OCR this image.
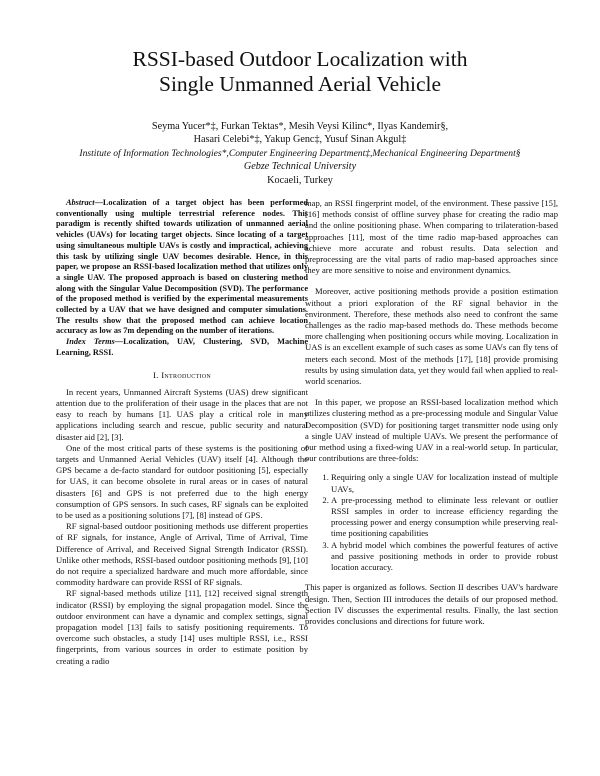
RSSI-based Outdoor Localization with
Single Unmanned Aerial Vehicle
Seyma Yucer*‡, Furkan Tektas*, Mesih Veysi Kilinc*, Ilyas Kandemir§,
Hasari Celebi*‡, Yakup Genc‡, Yusuf Sinan Akgul‡
Institute of Information Technologies*,Computer Engineering Department‡,Mechanical Engineering Department§
Gebze Technical University
Kocaeli, Turkey

Abstract—Localization of a target object has been performed conventionally using multiple terrestrial reference nodes. This paradigm is recently shifted towards utilization of unmanned aerial vehicles (UAVs) for locating target objects. Since locating of a target using simultaneous multiple UAVs is costly and impractical, achieving this task by utilizing single UAV becomes desirable. Hence, in this paper, we propose an RSSI-based localization method that utilizes only a single UAV. The proposed approach is based on clustering method along with the Singular Value Decomposition (SVD). The performance of the proposed method is verified by the experimental measurements collected by a UAV that we have designed and computer simulations. The results show that the proposed method can achieve location accuracy as low as 7m depending on the number of iterations.

Index Terms—Localization, UAV, Clustering, SVD, Machine Learning, RSSI.

I. Introduction

In recent years, Unmanned Aircraft Systems (UAS) drew significant attention due to the proliferation of their usage in the places that are not easy to reach by humans [1]. UAS play a critical role in many applications including search and rescue, public security and natural disaster aid [2], [3].

One of the most critical parts of these systems is the positioning of targets and Unmanned Aerial Vehicles (UAV) itself [4]. Although the GPS became a de-facto standard for outdoor positioning [5], especially for UAS, it can become obsolete in rural areas or in cases of natural disasters [6] and GPS is not preferred due to the high energy consumption of GPS sensors. In such cases, RF signals can be exploited to be used as a positioning solutions [7], [8] instead of GPS.

RF signal-based outdoor positioning methods use different properties of RF signals, for instance, Angle of Arrival, Time of Arrival, Time Difference of Arrival, and Received Signal Strength Indicator (RSSI). Unlike other methods, RSSI-based outdoor positioning methods [9], [10] do not require a specialized hardware and much more affordable, since commodity hardware can provide RSSI of RF signals.

RF signal-based methods utilize [11], [12] received signal strength indicator (RSSI) by employing the signal propagation model. Since the outdoor environment can have a dynamic and complex settings, signal propagation model [13] fails to satisfy positioning requirements. To overcome such obstacles, a study [14] uses multiple RSSI, i.e., RSSI fingerprints, from various sources in order to estimate position by creating a radio

map, an RSSI fingerprint model, of the environment. These passive [15], [16] methods consist of offline survey phase for creating the radio map and the online positioning phase. When comparing to trilateration-based approaches [11], most of the time radio map-based approaches can achieve more accurate and robust results. Data selection and preprocessing are the vital parts of radio map-based approaches since they are more sensitive to noise and environment dynamics.

Moreover, active positioning methods provide a position estimation without a priori exploration of the RF signal behavior in the environment. Therefore, these methods also need to confront the same challenges as the radio map-based methods do. These methods become more challenging when positioning occurs while moving. Localization in UAS is an excellent example of such cases as some UAVs can fly tens of meters each second. Most of the methods [17], [18] provide promising results by using simulation data, yet they would fail when applied to real-world scenarios.

In this paper, we propose an RSSI-based localization method which utilizes clustering method as a pre-processing module and Singular Value Decomposition (SVD) for positioning target transmitter node using only a single UAV instead of multiple UAVs. We present the performance of our method using a fixed-wing UAV in a real-world setup. In particular, our contributions are three-folds:

1. Requiring only a single UAV for localization instead of multiple UAVs,
2. A pre-processing method to eliminate less relevant or outlier RSSI samples in order to increase efficiency regarding the processing power and energy consumption while preserving real-time positioning capabilities
3. A hybrid model which combines the powerful features of active and passive positioning methods in order to provide robust location accuracy.

This paper is organized as follows. Section II describes UAV's hardware design. Then, Section III introduces the details of our proposed method. Section IV discusses the experimental results. Finally, the last section provides conclusions and directions for future work.
